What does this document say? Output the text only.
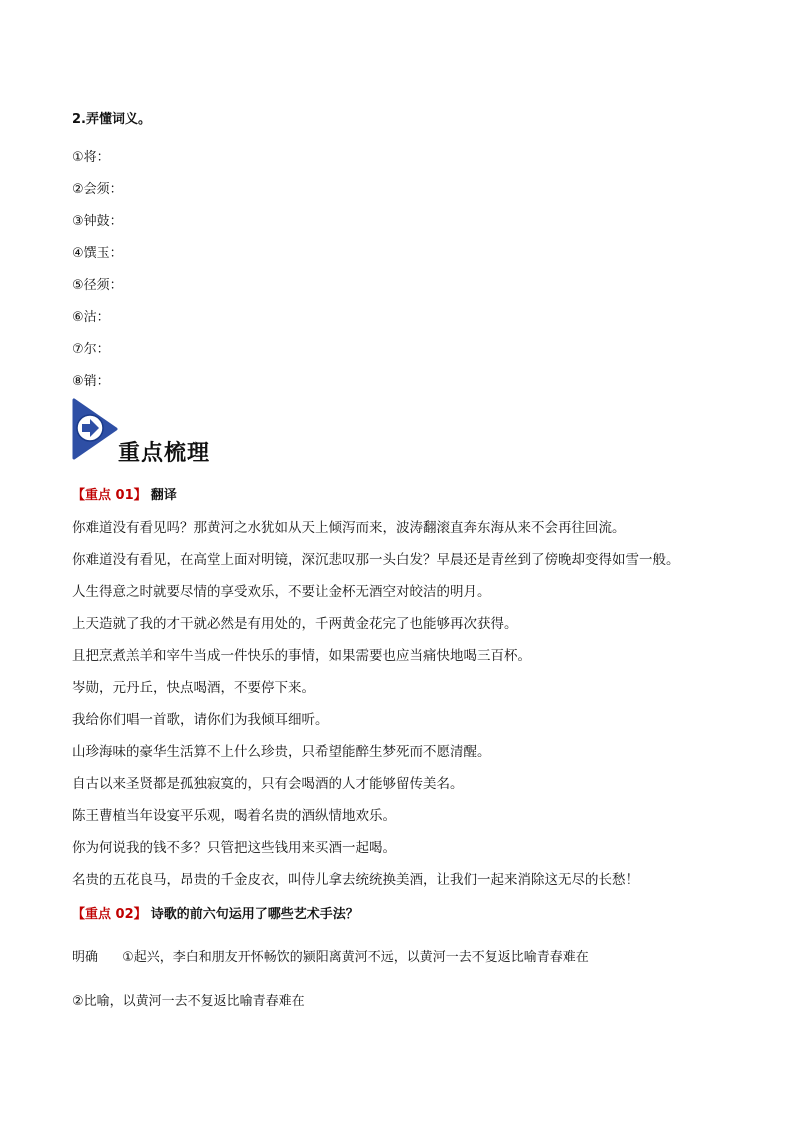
2.弄懂词义。
①将：
②会须：
③钟鼓：
④馔玉：
⑤径须：
⑥沽：
⑦尔：
⑧销：
重点梳理
【重点 01】 翻译
你难道没有看见吗？那黄河之水犹如从天上倾泻而来，波涛翻滚直奔东海从来不会再往回流。
你难道没有看见，在高堂上面对明镜，深沉悲叹那一头白发？早晨还是青丝到了傍晚却变得如雪一般。
人生得意之时就要尽情的享受欢乐，不要让金杯无酒空对皎洁的明月。
上天造就了我的才干就必然是有用处的，千两黄金花完了也能够再次获得。
且把烹煮羔羊和宰牛当成一件快乐的事情，如果需要也应当痛快地喝三百杯。
岑勋，元丹丘，快点喝酒，不要停下来。
我给你们唱一首歌，请你们为我倾耳细听。
山珍海味的豪华生活算不上什么珍贵，只希望能醉生梦死而不愿清醒。
自古以来圣贤都是孤独寂寞的，只有会喝酒的人才能够留传美名。
陈王曹植当年设宴平乐观，喝着名贵的酒纵情地欢乐。
你为何说我的钱不多？只管把这些钱用来买酒一起喝。
名贵的五花良马，昂贵的千金皮衣，叫侍儿拿去统统换美酒，让我们一起来消除这无尽的长愁！
【重点 02】 诗歌的前六句运用了哪些艺术手法？
明确 ①起兴，李白和朋友开怀畅饮的颍阳离黄河不远，以黄河一去不复返比喻青春难在
②比喻，以黄河一去不复返比喻青春难在
